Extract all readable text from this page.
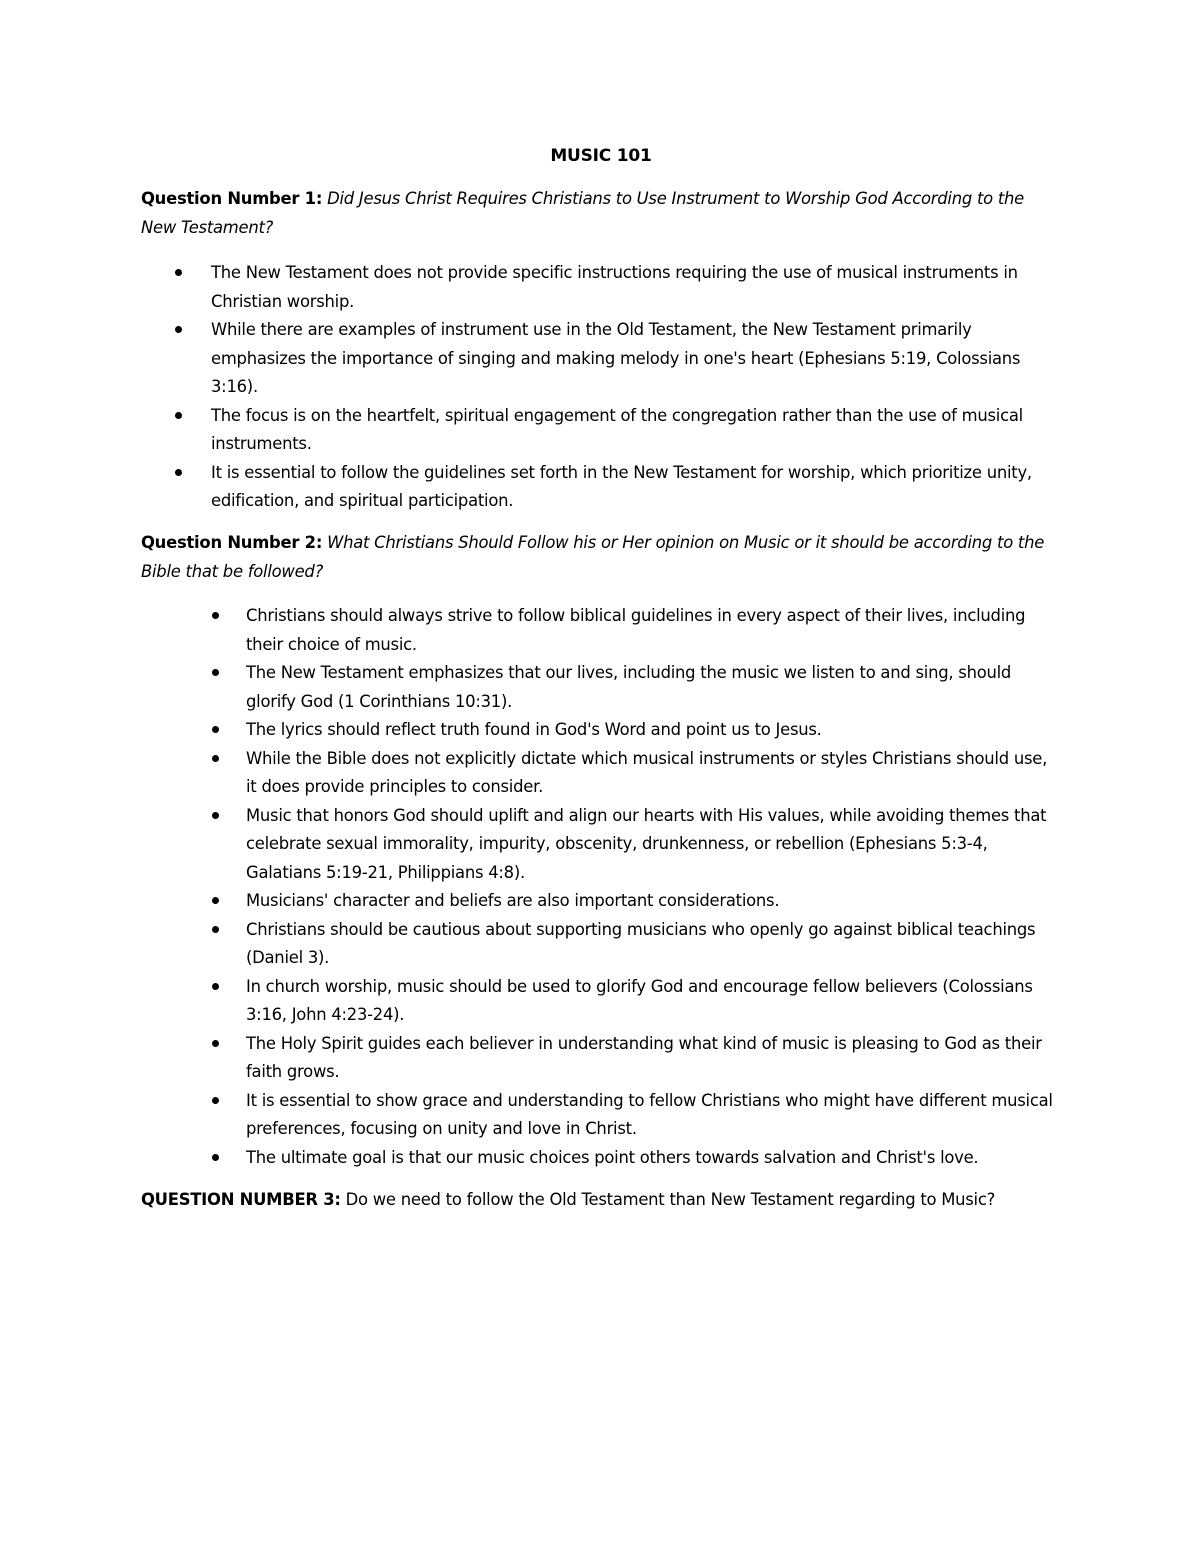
MUSIC 101
Question Number 1: Did Jesus Christ Requires Christians to Use Instrument to Worship God According to the New Testament?
The New Testament does not provide specific instructions requiring the use of musical instruments in Christian worship.
While there are examples of instrument use in the Old Testament, the New Testament primarily emphasizes the importance of singing and making melody in one's heart (Ephesians 5:19, Colossians 3:16).
The focus is on the heartfelt, spiritual engagement of the congregation rather than the use of musical instruments.
It is essential to follow the guidelines set forth in the New Testament for worship, which prioritize unity, edification, and spiritual participation.
Question Number 2: What Christians Should Follow his or Her opinion on Music or it should be according to the Bible that be followed?
Christians should always strive to follow biblical guidelines in every aspect of their lives, including their choice of music.
The New Testament emphasizes that our lives, including the music we listen to and sing, should glorify God (1 Corinthians 10:31).
The lyrics should reflect truth found in God's Word and point us to Jesus.
While the Bible does not explicitly dictate which musical instruments or styles Christians should use, it does provide principles to consider.
Music that honors God should uplift and align our hearts with His values, while avoiding themes that celebrate sexual immorality, impurity, obscenity, drunkenness, or rebellion (Ephesians 5:3-4, Galatians 5:19-21, Philippians 4:8).
Musicians' character and beliefs are also important considerations.
Christians should be cautious about supporting musicians who openly go against biblical teachings (Daniel 3).
In church worship, music should be used to glorify God and encourage fellow believers (Colossians 3:16, John 4:23-24).
The Holy Spirit guides each believer in understanding what kind of music is pleasing to God as their faith grows.
It is essential to show grace and understanding to fellow Christians who might have different musical preferences, focusing on unity and love in Christ.
The ultimate goal is that our music choices point others towards salvation and Christ's love.
QUESTION NUMBER 3: Do we need to follow the Old Testament than New Testament regarding to Music?
